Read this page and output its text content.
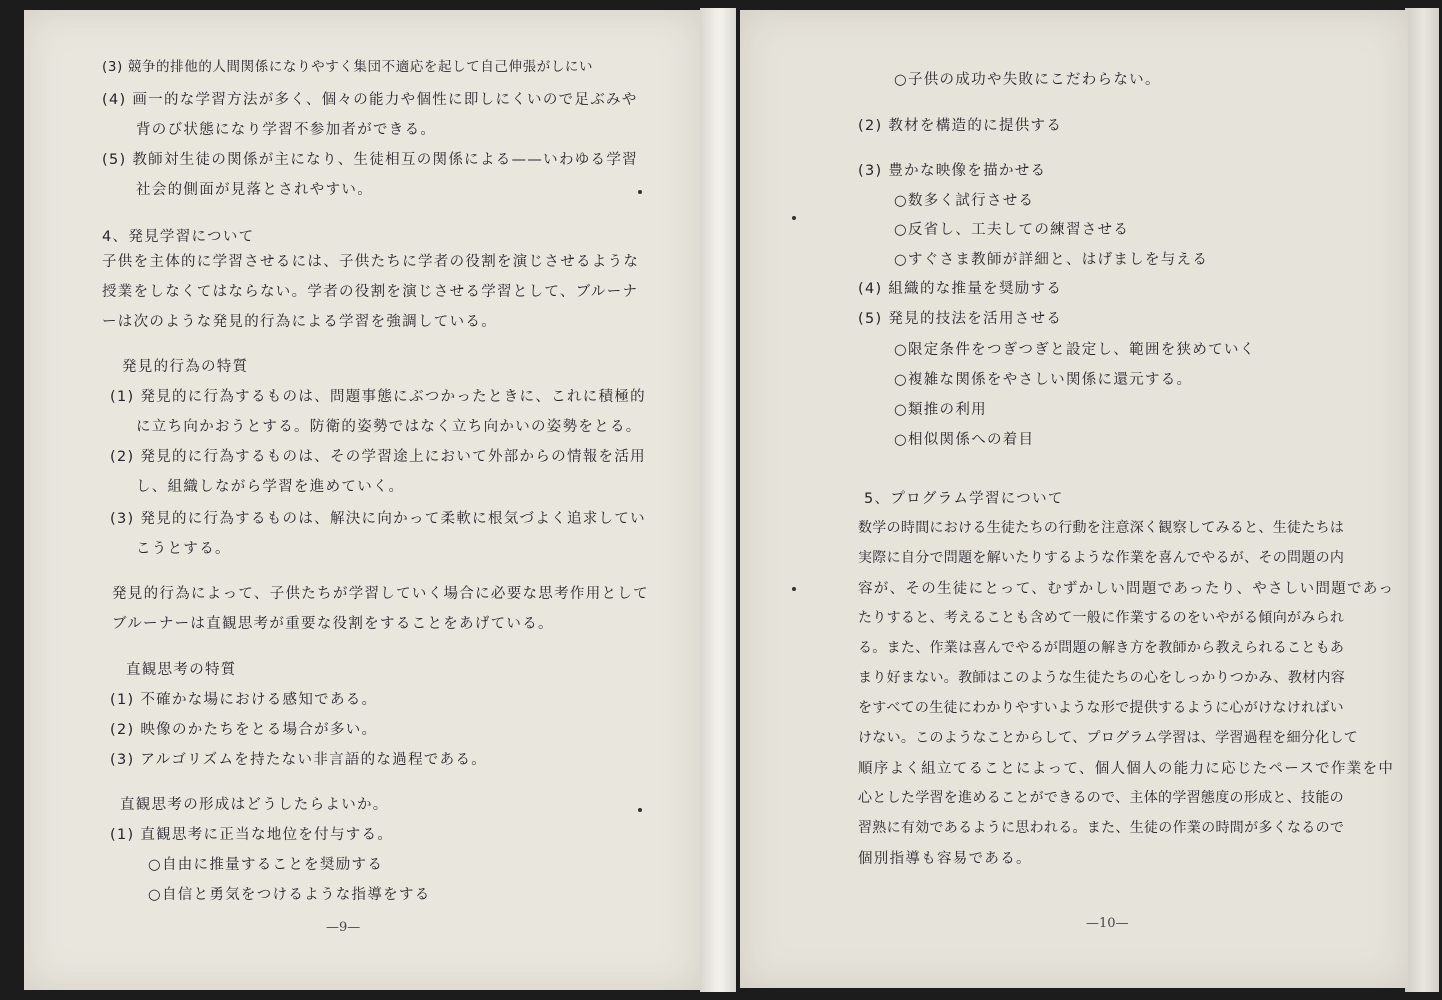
(3) 競争的排他的人間関係になりやすく集団不適応を起して自己伸張がしにい
(4) 画一的な学習方法が多く、個々の能力や個性に即しにくいので足ぶみや
背のび状態になり学習不参加者ができる。
(5) 教師対生徒の関係が主になり、生徒相互の関係による——いわゆる学習
社会的側面が見落とされやすい。
4、発見学習について
子供を主体的に学習させるには、子供たちに学者の役割を演じさせるような
授業をしなくてはならない。学者の役割を演じさせる学習として、ブルーナ
ーは次のような発見的行為による学習を強調している。
発見的行為の特質
(1) 発見的に行為するものは、問題事態にぶつかったときに、これに積極的
に立ち向かおうとする。防衛的姿勢ではなく立ち向かいの姿勢をとる。
(2) 発見的に行為するものは、その学習途上において外部からの情報を活用
し、組織しながら学習を進めていく。
(3) 発見的に行為するものは、解決に向かって柔軟に根気づよく追求してい
こうとする。
発見的行為によって、子供たちが学習していく場合に必要な思考作用として
ブルーナーは直観思考が重要な役割をすることをあげている。
直観思考の特質
(1) 不確かな場における感知である。
(2) 映像のかたちをとる場合が多い。
(3) アルゴリズムを持たない非言語的な過程である。
直観思考の形成はどうしたらよいか。
(1) 直観思考に正当な地位を付与する。
○自由に推量することを奨励する
○自信と勇気をつけるような指導をする
—9—
○子供の成功や失敗にこだわらない。
(2) 教材を構造的に提供する
(3) 豊かな映像を描かせる
○数多く試行させる
○反省し、工夫しての練習させる
○すぐさま教師が詳細と、はげましを与える
(4) 組織的な推量を奨励する
(5) 発見的技法を活用させる
○限定条件をつぎつぎと設定し、範囲を狭めていく
○複雑な関係をやさしい関係に還元する。
○類推の利用
○相似関係への着目
5、プログラム学習について
数学の時間における生徒たちの行動を注意深く観察してみると、生徒たちは
実際に自分で問題を解いたりするような作業を喜んでやるが、その問題の内
容が、その生徒にとって、むずかしい問題であったり、やさしい問題であっ
たりすると、考えることも含めて一般に作業するのをいやがる傾向がみられ
る。また、作業は喜んでやるが問題の解き方を教師から教えられることもあ
まり好まない。教師はこのような生徒たちの心をしっかりつかみ、教材内容
をすべての生徒にわかりやすいような形で提供するように心がけなければい
けない。このようなことからして、プログラム学習は、学習過程を細分化して
順序よく組立てることによって、個人個人の能力に応じたペースで作業を中
心とした学習を進めることができるので、主体的学習態度の形成と、技能の
習熟に有効であるように思われる。また、生徒の作業の時間が多くなるので
個別指導も容易である。
—10—
